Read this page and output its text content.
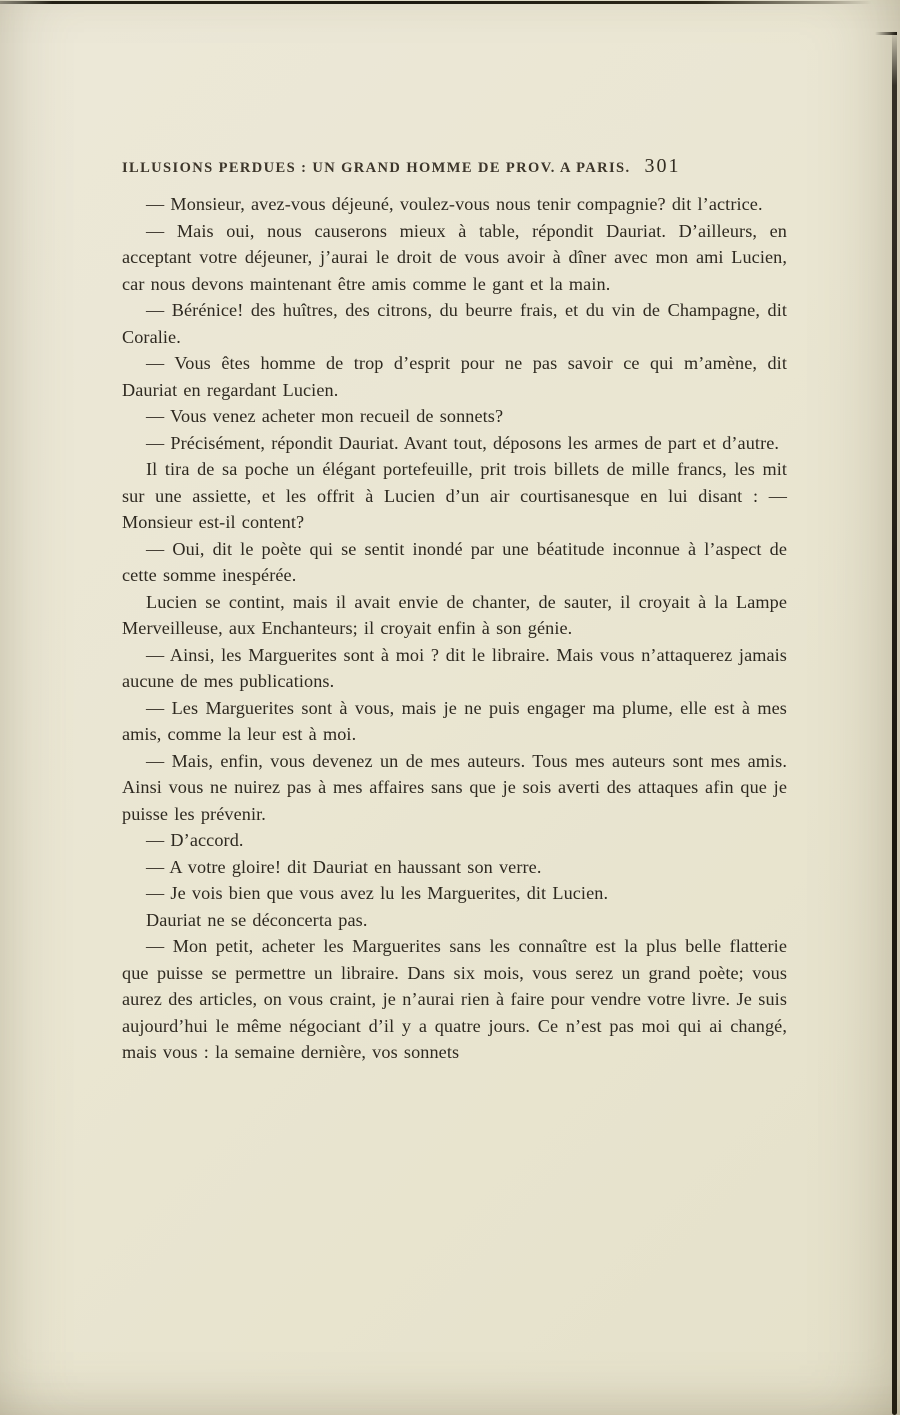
ILLUSIONS PERDUES : UN GRAND HOMME DE PROV. A PARIS. 301

— Monsieur, avez-vous déjeuné, voulez-vous nous tenir compagnie? dit l’actrice.

— Mais oui, nous causerons mieux à table, répondit Dauriat. D’ailleurs, en acceptant votre déjeuner, j’aurai le droit de vous avoir à dîner avec mon ami Lucien, car nous devons maintenant être amis comme le gant et la main.

— Bérénice! des huîtres, des citrons, du beurre frais, et du vin de Champagne, dit Coralie.

— Vous êtes homme de trop d’esprit pour ne pas savoir ce qui m’amène, dit Dauriat en regardant Lucien.

— Vous venez acheter mon recueil de sonnets?

— Précisément, répondit Dauriat. Avant tout, déposons les armes de part et d’autre.

Il tira de sa poche un élégant portefeuille, prit trois billets de mille francs, les mit sur une assiette, et les offrit à Lucien d’un air courtisanesque en lui disant : — Monsieur est-il content?

— Oui, dit le poète qui se sentit inondé par une béatitude inconnue à l’aspect de cette somme inespérée.

Lucien se contint, mais il avait envie de chanter, de sauter, il croyait à la Lampe Merveilleuse, aux Enchanteurs; il croyait enfin à son génie.

— Ainsi, les Marguerites sont à moi ? dit le libraire. Mais vous n’attaquerez jamais aucune de mes publications.

— Les Marguerites sont à vous, mais je ne puis engager ma plume, elle est à mes amis, comme la leur est à moi.

— Mais, enfin, vous devenez un de mes auteurs. Tous mes auteurs sont mes amis. Ainsi vous ne nuirez pas à mes affaires sans que je sois averti des attaques afin que je puisse les prévenir.

— D’accord.

— A votre gloire! dit Dauriat en haussant son verre.

— Je vois bien que vous avez lu les Marguerites, dit Lucien.

Dauriat ne se déconcerta pas.

— Mon petit, acheter les Marguerites sans les connaître est la plus belle flatterie que puisse se permettre un libraire. Dans six mois, vous serez un grand poète; vous aurez des articles, on vous craint, je n’aurai rien à faire pour vendre votre livre. Je suis aujourd’hui le même négociant d’il y a quatre jours. Ce n’est pas moi qui ai changé, mais vous : la semaine dernière, vos sonnets
